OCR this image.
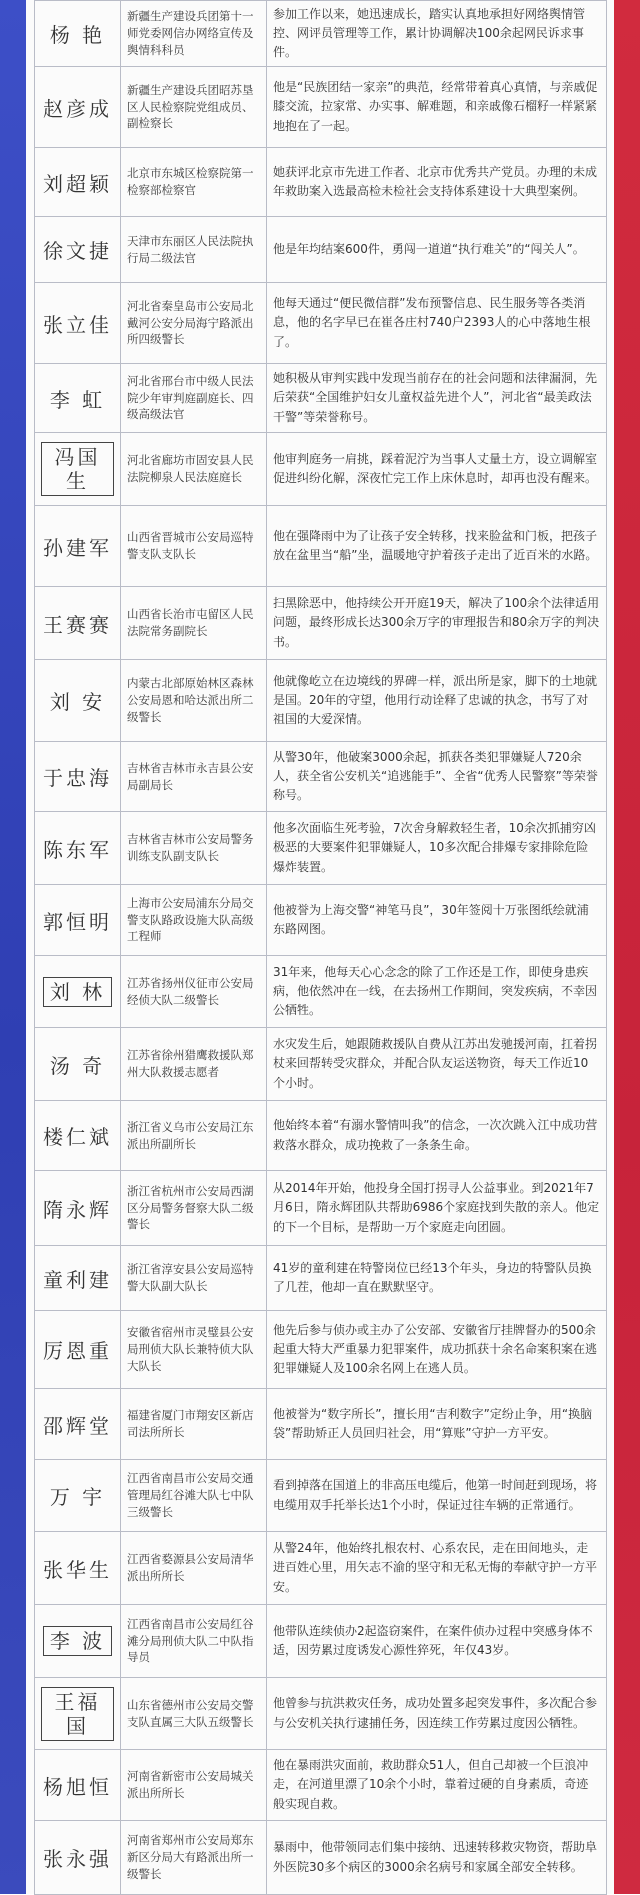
杨 艳	新疆生产建设兵团第十一师党委网信办网络宣传及舆情科科员	参加工作以来，她迅速成长，踏实认真地承担好网络舆情管控、网评员管理等工作，累计协调解决100余起网民诉求事件。
赵彦成	新疆生产建设兵团昭苏垦区人民检察院党组成员、副检察长	他是“民族团结一家亲”的典范，经常带着真心真情，与亲戚促膝交流，拉家常、办实事、解难题，和亲戚像石榴籽一样紧紧地抱在了一起。
刘超颖	北京市东城区检察院第一检察部检察官	她获评北京市先进工作者、北京市优秀共产党员。办理的未成年救助案入选最高检未检社会支持体系建设十大典型案例。
徐文捷	天津市东丽区人民法院执行局二级法官	他是年均结案600件，勇闯一道道“执行难关”的“闯关人”。
张立佳	河北省秦皇岛市公安局北戴河公安分局海宁路派出所四级警长	他每天通过“便民微信群”发布预警信息、民生服务等各类消息，他的名字早已在崔各庄村740户2393人的心中落地生根了。
李 虹	河北省邢台市中级人民法院少年审判庭副庭长、四级高级法官	她积极从审判实践中发现当前存在的社会问题和法律漏洞，先后荣获“全国维护妇女儿童权益先进个人”，河北省“最美政法干警”等荣誉称号。
冯国生	河北省廊坊市固安县人民法院柳泉人民法庭庭长	他审判庭务一肩挑，踩着泥泞为当事人丈量土方，设立调解室促进纠纷化解，深夜忙完工作上床休息时，却再也没有醒来。
孙建军	山西省晋城市公安局巡特警支队支队长	他在强降雨中为了让孩子安全转移，找来脸盆和门板，把孩子放在盆里当“船”坐，温暖地守护着孩子走出了近百米的水路。
王赛赛	山西省长治市屯留区人民法院常务副院长	扫黑除恶中，他持续公开开庭19天，解决了100余个法律适用问题，最终形成长达300余万字的审理报告和80余万字的判决书。
刘 安	内蒙古北部原始林区森林公安局恩和哈达派出所二级警长	他就像屹立在边境线的界碑一样，派出所是家，脚下的土地就是国。20年的守望，他用行动诠释了忠诚的执念，书写了对祖国的大爱深情。
于忠海	吉林省吉林市永吉县公安局副局长	从警30年，他破案3000余起，抓获各类犯罪嫌疑人720余人，获全省公安机关“追逃能手”、全省“优秀人民警察”等荣誉称号。
陈东军	吉林省吉林市公安局警务训练支队副支队长	他多次面临生死考验，7次舍身解救轻生者，10余次抓捕穷凶极恶的大要案件犯罪嫌疑人，10多次配合排爆专家排除危险爆炸装置。
郭恒明	上海市公安局浦东分局交警支队路政设施大队高级工程师	他被誉为上海交警“神笔马良”，30年签阅十万张图纸绘就浦东路网图。
刘 林	江苏省扬州仪征市公安局经侦大队二级警长	31年来，他每天心心念念的除了工作还是工作，即使身患疾病，他依然冲在一线，在去扬州工作期间，突发疾病，不幸因公牺牲。
汤 奇	江苏省徐州猎鹰救援队郑州大队救援志愿者	水灾发生后，她跟随救援队自费从江苏出发驰援河南，扛着拐杖来回帮转受灾群众，并配合队友运送物资，每天工作近10个小时。
楼仁斌	浙江省义乌市公安局江东派出所副所长	他始终本着“有溺水警情叫我”的信念，一次次跳入江中成功营救落水群众，成功挽救了一条条生命。
隋永辉	浙江省杭州市公安局西湖区分局警务督察大队二级警长	从2014年开始，他投身全国打拐寻人公益事业。到2021年7月6日，隋永辉团队共帮助6986个家庭找到失散的亲人。他定的下一个目标，是帮助一万个家庭走向团圆。
童利建	浙江省淳安县公安局巡特警大队副大队长	41岁的童利建在特警岗位已经13个年头，身边的特警队员换了几茬，他却一直在默默坚守。
厉恩重	安徽省宿州市灵璧县公安局刑侦大队长兼特侦大队大队长	他先后参与侦办或主办了公安部、安徽省厅挂牌督办的500余起重大特大严重暴力犯罪案件，成功抓获十余名命案积案在逃犯罪嫌疑人及100余名网上在逃人员。
邵辉堂	福建省厦门市翔安区新店司法所所长	他被誉为“数字所长”，擅长用“吉利数字”定纷止争，用“换脑袋”帮助矫正人员回归社会，用“算账”守护一方平安。
万 宇	江西省南昌市公安局交通管理局红谷滩大队七中队三级警长	看到掉落在国道上的非高压电缆后，他第一时间赶到现场，将电缆用双手托举长达1个小时，保证过往车辆的正常通行。
张华生	江西省婺源县公安局清华派出所所长	从警24年，他始终扎根农村、心系农民，走在田间地头，走进百姓心里，用矢志不渝的坚守和无私无悔的奉献守护一方平安。
李 波	江西省南昌市公安局红谷滩分局刑侦大队二中队指导员	他带队连续侦办2起盗窃案件，在案件侦办过程中突感身体不适，因劳累过度诱发心源性猝死，年仅43岁。
王福国	山东省德州市公安局交警支队直属三大队五级警长	他曾参与抗洪救灾任务，成功处置多起突发事件，多次配合参与公安机关执行逮捕任务，因连续工作劳累过度因公牺牲。
杨旭恒	河南省新密市公安局城关派出所所长	他在暴雨洪灾面前，救助群众51人，但自己却被一个巨浪冲走，在河道里漂了10余个小时，靠着过硬的自身素质，奇迹般实现自救。
张永强	河南省郑州市公安局郑东新区分局大有路派出所一级警长	暴雨中，他带领同志们集中接纳、迅速转移救灾物资，帮助阜外医院30多个病区的3000余名病号和家属全部安全转移。
